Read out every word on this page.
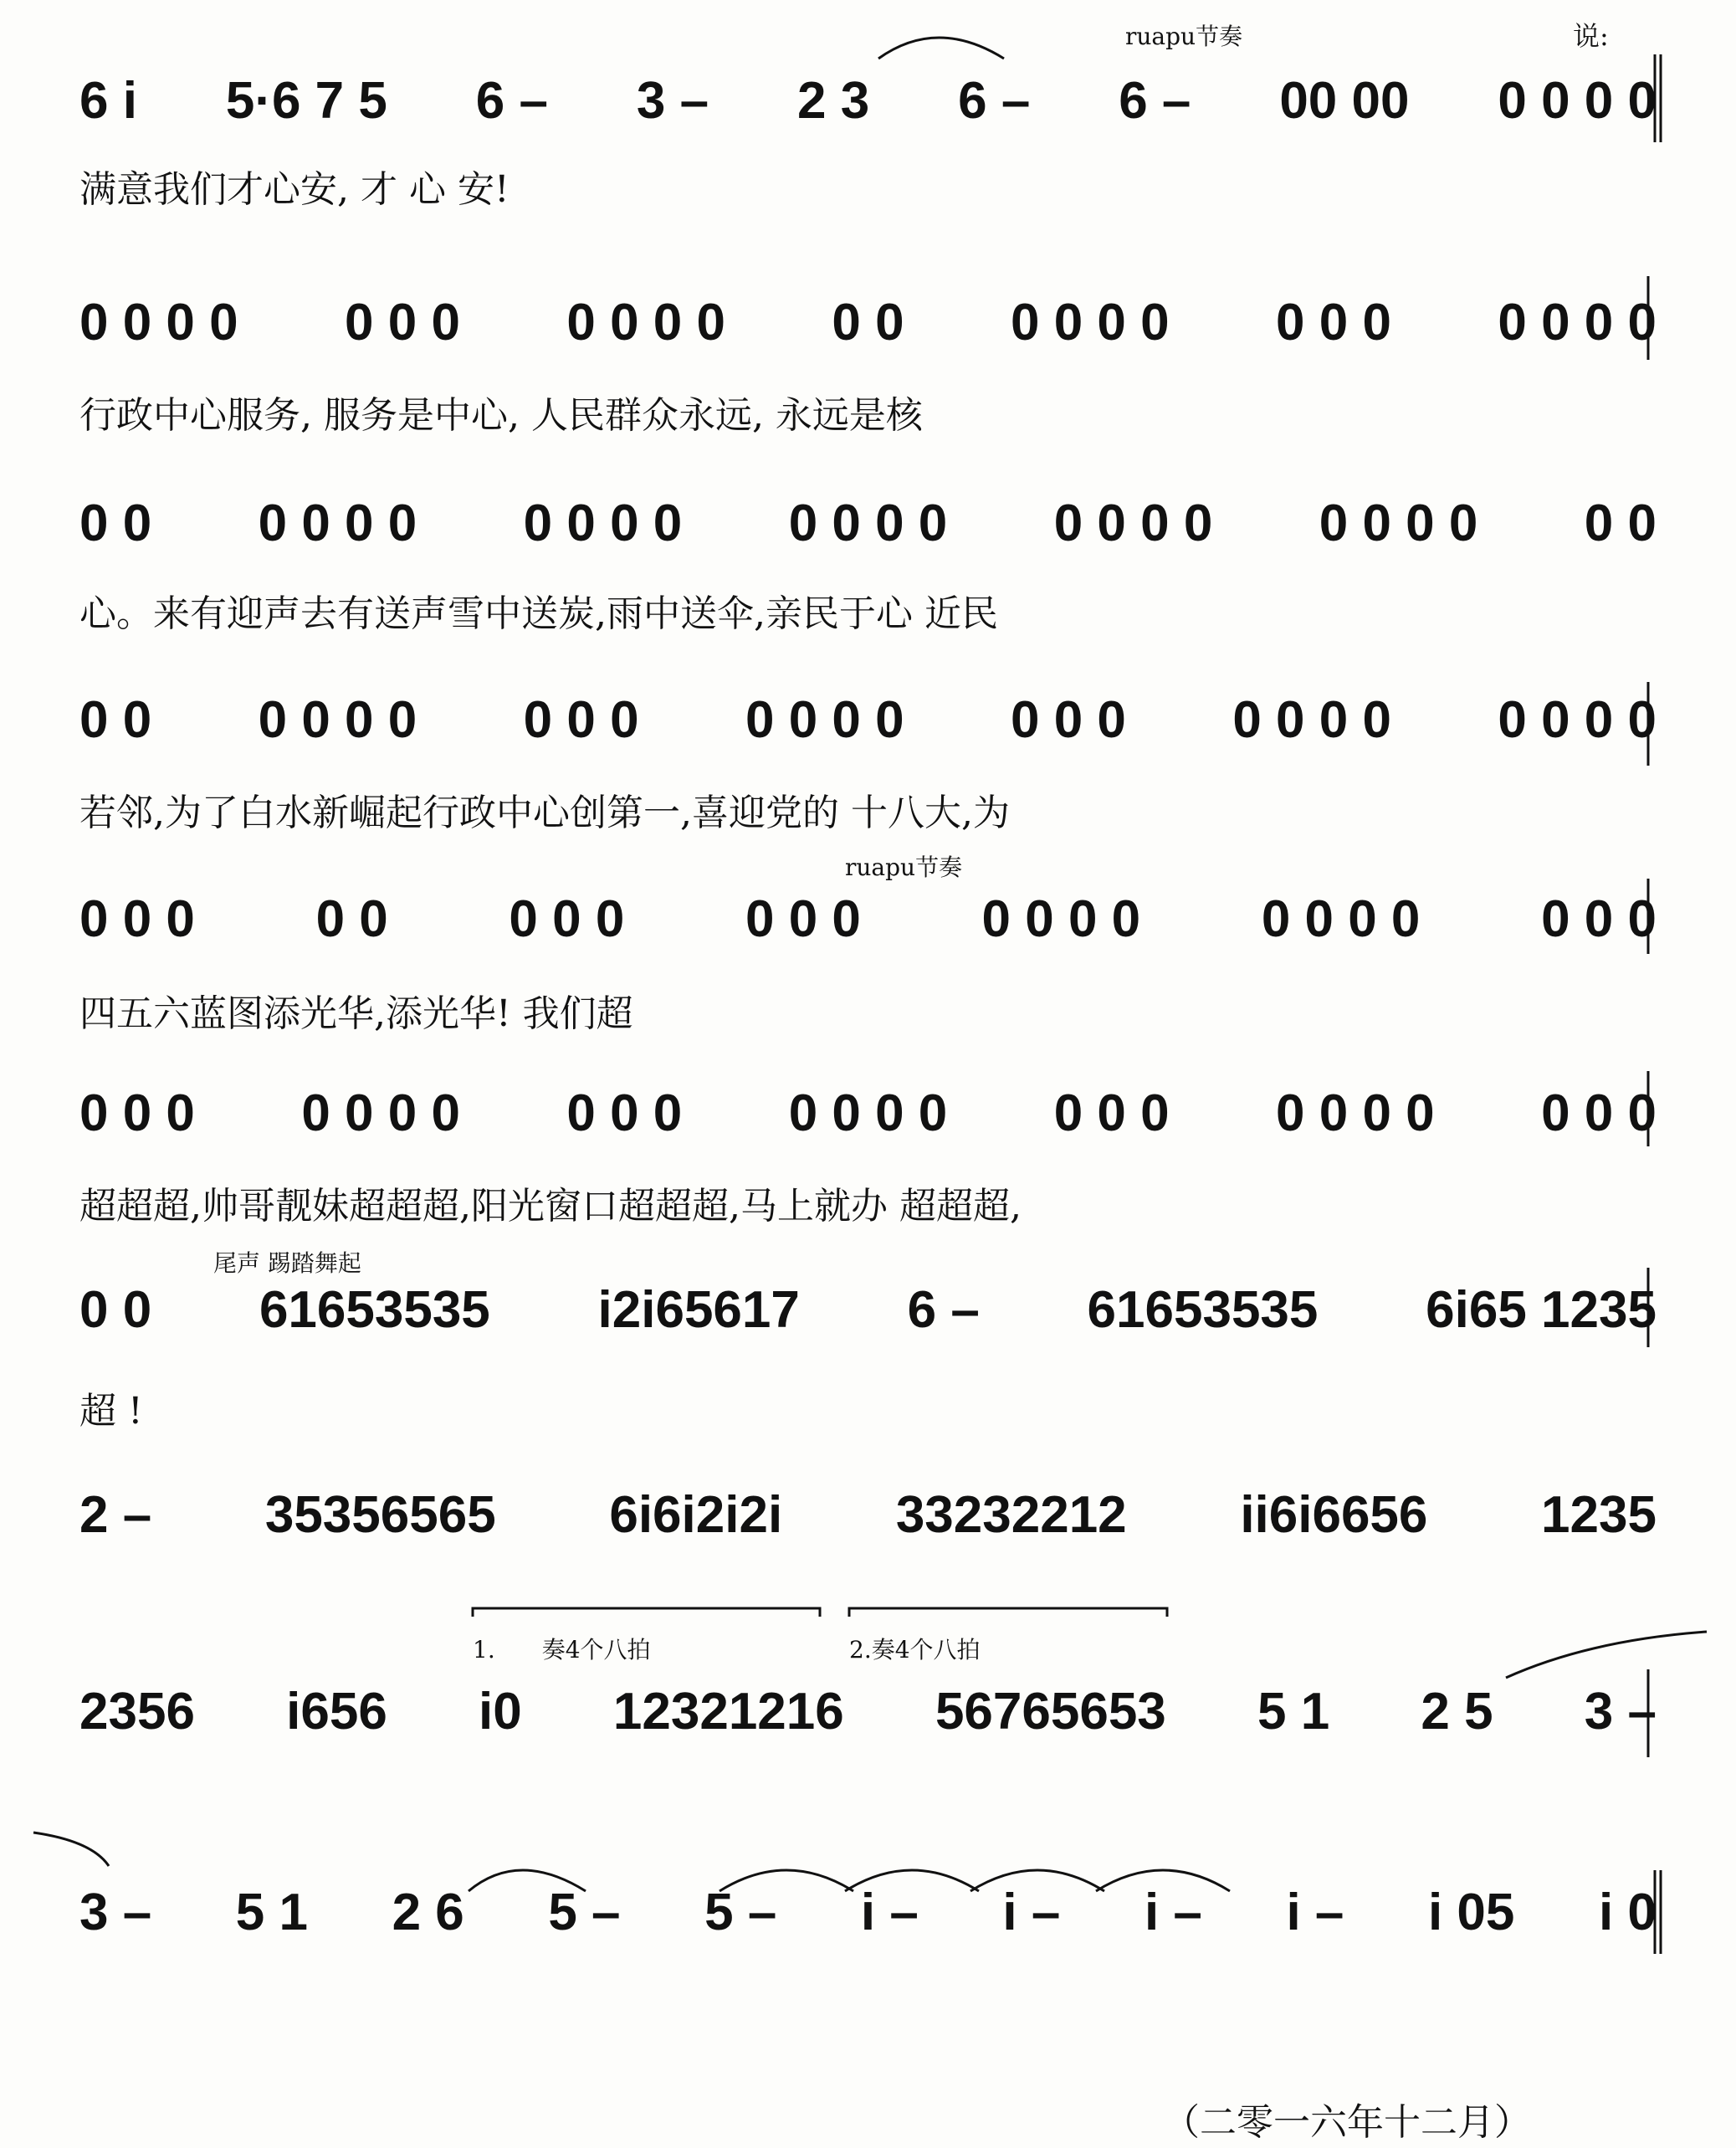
ruapu节奏	说:
6 i 5·6 7 5 6 – 3 – 2 3 6 – 6 – 00 00 0 0 0 0
满意我们才心安, 才 心 安!
0 0 0 0 0 0 0 0 0 0 0 0 0 0 0 0 0 0 0 0 0 0 0 0
行政中心服务, 服务是中心, 人民群众永远, 永远是核
0 0 0 0 0 0 0 0 0 0 0 0 0 0 0 0 0 0 0 0 0 0 0 0
心。来有迎声去有送声雪中送炭,雨中送伞,亲民于心 近民
0 0 0 0 0 0 0 0 0 0 0 0 0 0 0 0 0 0 0 0 0 0 0 0
若邻,为了白水新崛起行政中心创第一,喜迎党的 十八大,为
ruapu节奏
0 0 0 0 0 0 0 0 0 0 0 0 0 0 0 0 0 0 0 0 0 0
四五六蓝图添光华,添光华! 我们超
0 0 0 0 0 0 0 0 0 0 0 0 0 0 0 0 0 0 0 0 0 0 0 0
超超超,帅哥靓妹超超超,阳光窗口超超超,马上就办 超超超,
尾声 踢踏舞起
0 0 61653535 i2i65617 6 – 61653535 6i65 1235
超 !
2 – 35356565 6i6i2i2i 33232212 ii6i6656 1235
1.　　奏4个八拍	2.奏4个八拍
2356 i656 i0 12321216 56765653 5 1 2 5 3 –
3 – 5 1 2 6 5 – 5 – i – i – i – i – i 05 i 0
（二零一六年十二月）
